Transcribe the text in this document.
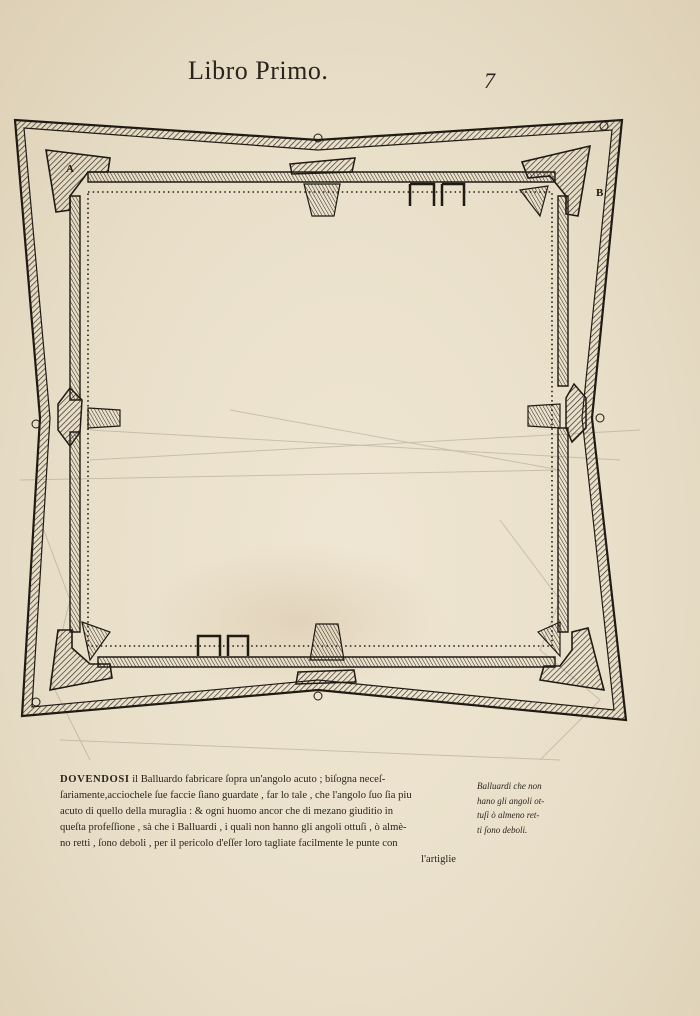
Libro Primo.	7
A
B
DOVENDOSI il Balluardo fabricare ſopra un'angolo acuto ; biſogna neceſ-
ſariamente,acciochele ſue faccie ſiano guardate , far lo tale , che l'angolo ſuo ſia piu
acuto di quello della muraglia : & ogni huomo ancor che di mezano giuditio in
queſta profeſſione , sà che i Balluardi , i quali non hanno gli angoli ottuſi , ò almè-
no retti , ſono deboli , per il pericolo d'eſſer loro tagliate facilmente le punte con
l'artiglie
Balluardi che non
hano gli angoli ot-
tuſi ò almeno ret-
ti ſono deboli.
